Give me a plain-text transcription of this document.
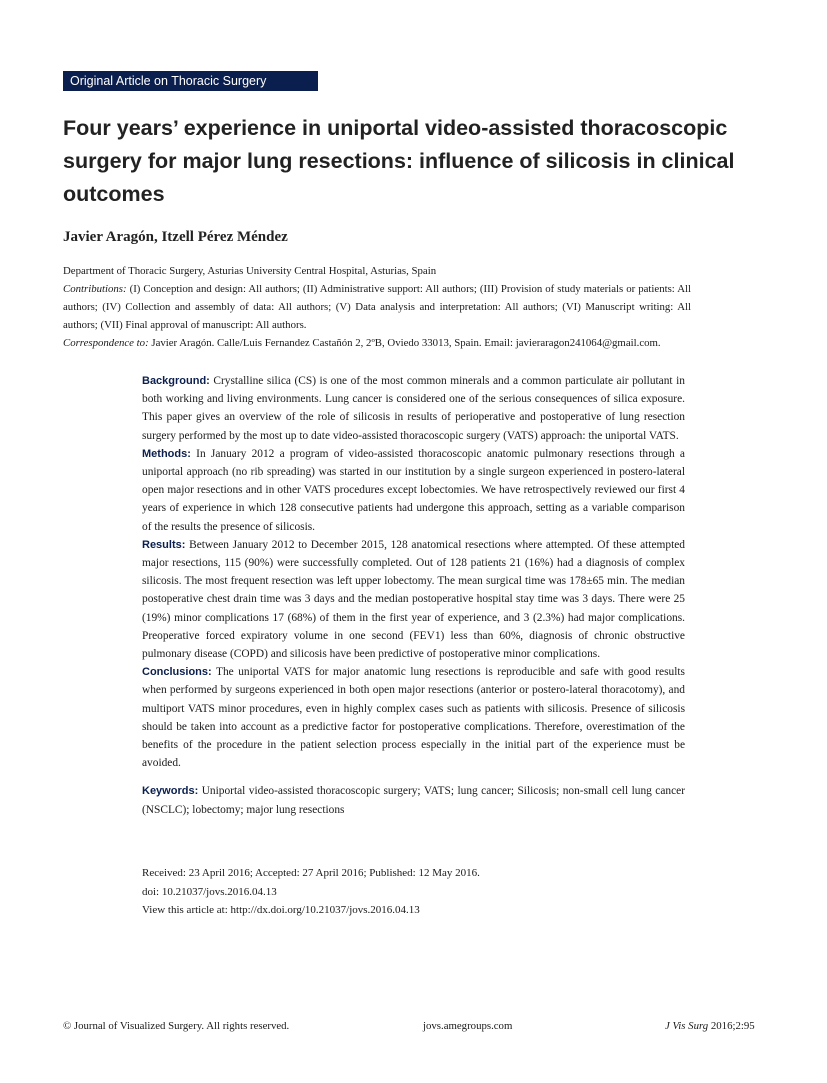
Original Article on Thoracic Surgery
Four years’ experience in uniportal video-assisted thoracoscopic surgery for major lung resections: influence of silicosis in clinical outcomes
Javier Aragón, Itzell Pérez Méndez

Department of Thoracic Surgery, Asturias University Central Hospital, Asturias, Spain

Contributions: (I) Conception and design: All authors; (II) Administrative support: All authors; (III) Provision of study materials or patients: All authors; (IV) Collection and assembly of data: All authors; (V) Data analysis and interpretation: All authors; (VI) Manuscript writing: All authors; (VII) Final approval of manuscript: All authors.

Correspondence to: Javier Aragón. Calle/Luis Fernandez Castañón 2, 2ºB, Oviedo 33013, Spain. Email: javieraragon241064@gmail.com.

Background: Crystalline silica (CS) is one of the most common minerals and a common particulate air pollutant in both working and living environments. Lung cancer is considered one of the serious consequences of silica exposure. This paper gives an overview of the role of silicosis in results of perioperative and postoperative of lung resection surgery performed by the most up to date video-assisted thoracoscopic surgery (VATS) approach: the uniportal VATS.

Methods: In January 2012 a program of video-assisted thoracoscopic anatomic pulmonary resections through a uniportal approach (no rib spreading) was started in our institution by a single surgeon experienced in postero-lateral open major resections and in other VATS procedures except lobectomies. We have retrospectively reviewed our first 4 years of experience in which 128 consecutive patients had undergone this approach, setting as a variable comparison of the results the presence of silicosis.

Results: Between January 2012 to December 2015, 128 anatomical resections where attempted. Of these attempted major resections, 115 (90%) were successfully completed. Out of 128 patients 21 (16%) had a diagnosis of complex silicosis. The most frequent resection was left upper lobectomy. The mean surgical time was 178±65 min. The median postoperative chest drain time was 3 days and the median postoperative hospital stay time was 3 days. There were 25 (19%) minor complications 17 (68%) of them in the first year of experience, and 3 (2.3%) had major complications. Preoperative forced expiratory volume in one second (FEV1) less than 60%, diagnosis of chronic obstructive pulmonary disease (COPD) and silicosis have been predictive of postoperative minor complications.

Conclusions: The uniportal VATS for major anatomic lung resections is reproducible and safe with good results when performed by surgeons experienced in both open major resections (anterior or postero-lateral thoracotomy), and multiport VATS minor procedures, even in highly complex cases such as patients with silicosis. Presence of silicosis should be taken into account as a predictive factor for postoperative complications. Therefore, overestimation of the benefits of the procedure in the patient selection process especially in the initial part of the experience must be avoided.

Keywords: Uniportal video-assisted thoracoscopic surgery; VATS; lung cancer; Silicosis; non-small cell lung cancer (NSCLC); lobectomy; major lung resections

Received: 23 April 2016; Accepted: 27 April 2016; Published: 12 May 2016.
doi: 10.21037/jovs.2016.04.13
View this article at: http://dx.doi.org/10.21037/jovs.2016.04.13
© Journal of Visualized Surgery. All rights reserved.	jovs.amegroups.com	J Vis Surg 2016;2:95
